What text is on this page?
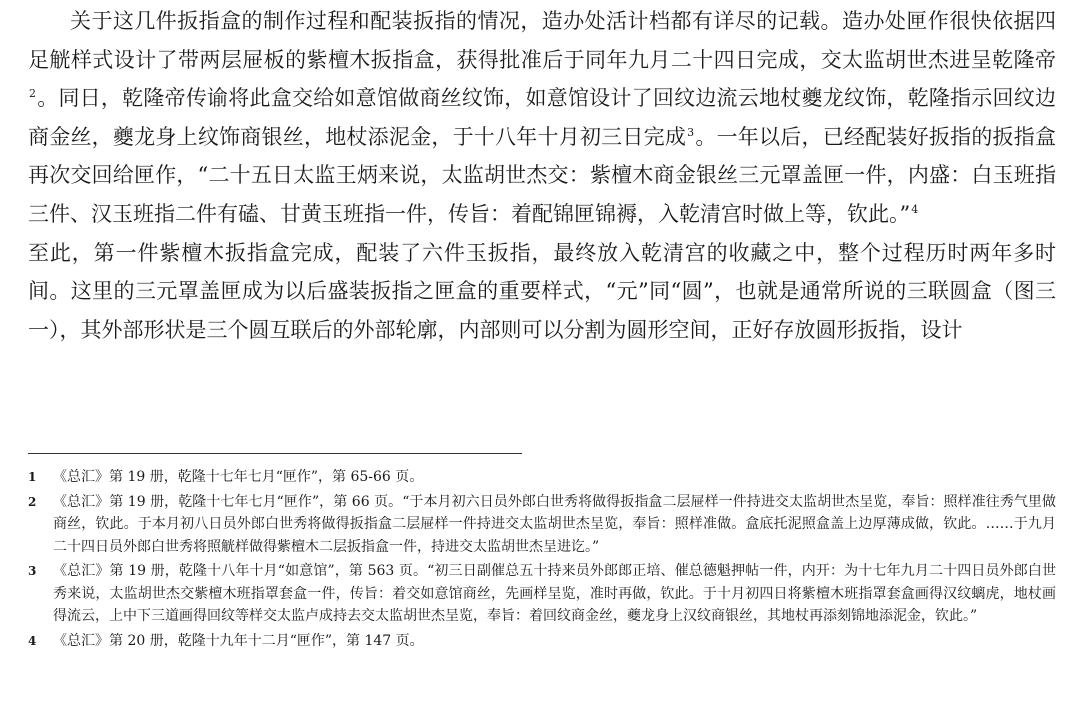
关于这几件扳指盒的制作过程和配装扳指的情况，造办处活计档都有详尽的记载。造办处匣作很快依据四足觥样式设计了带两层屉板的紫檀木扳指盒，获得批准后于同年九月二十四日完成，交太监胡世杰进呈乾隆帝$^2$。同日，乾隆帝传谕将此盒交给如意馆做商丝纹饰，如意馆设计了回纹边流云地杖夔龙纹饰，乾隆指示回纹边商金丝，夔龙身上纹饰商银丝，地杖添泥金，于十八年十月初三日完成$^3$。一年以后，已经配装好扳指的扳指盒再次交回给匣作，“二十五日太监王炳来说，太监胡世杰交：紫檀木商金银丝三元罩盖匣一件，内盛：白玉班指三件、汉玉班指二件有磕、甘黄玉班指一件，传旨：着配锦匣锦褥，入乾清宫时做上等，钦此。”$^4$

至此，第一件紫檀木扳指盒完成，配装了六件玉扳指，最终放入乾清宫的收藏之中，整个过程历时两年多时间。这里的三元罩盖匣成为以后盛装扳指之匣盒的重要样式，“元”同“圆”，也就是通常所说的三联圆盒（图三一），其外部形状是三个圆互联后的外部轮廓，内部则可以分割为圆形空间，正好存放圆形扳指，设计

1 《总汇》第 19 册，乾隆十七年七月“匣作”，第 65-66 页。
2 《总汇》第 19 册，乾隆十七年七月“匣作”，第 66 页。“于本月初六日员外郎白世秀将做得扳指盒二层屉样一件持进交太监胡世杰呈览，奉旨：照样准往秀气里做商丝，钦此。于本月初八日员外郎白世秀将做得扳指盒二层屉样一件持进交太监胡世杰呈览，奉旨：照样准做。盒底托泥照盒盖上边厚薄成做，钦此。……于九月二十四日员外郎白世秀将照觥样做得紫檀木二层扳指盒一件，持进交太监胡世杰呈进讫。”
3 《总汇》第 19 册，乾隆十八年十月“如意馆”，第 563 页。“初三日副催总五十持来员外郎郎正培、催总德魁押帖一件，内开：为十七年九月二十四日员外郎白世秀来说，太监胡世杰交紫檀木班指罩套盒一件，传旨：着交如意馆商丝，先画样呈览，准时再做，钦此。于十月初四日将紫檀木班指罩套盒画得汉纹螭虎，地杖画得流云，上中下三道画得回纹等样交太监卢成持去交太监胡世杰呈览，奉旨：着回纹商金丝，夔龙身上汉纹商银丝，其地杖再添刻锦地添泥金，钦此。”
4 《总汇》第 20 册，乾隆十九年十二月“匣作”，第 147 页。
